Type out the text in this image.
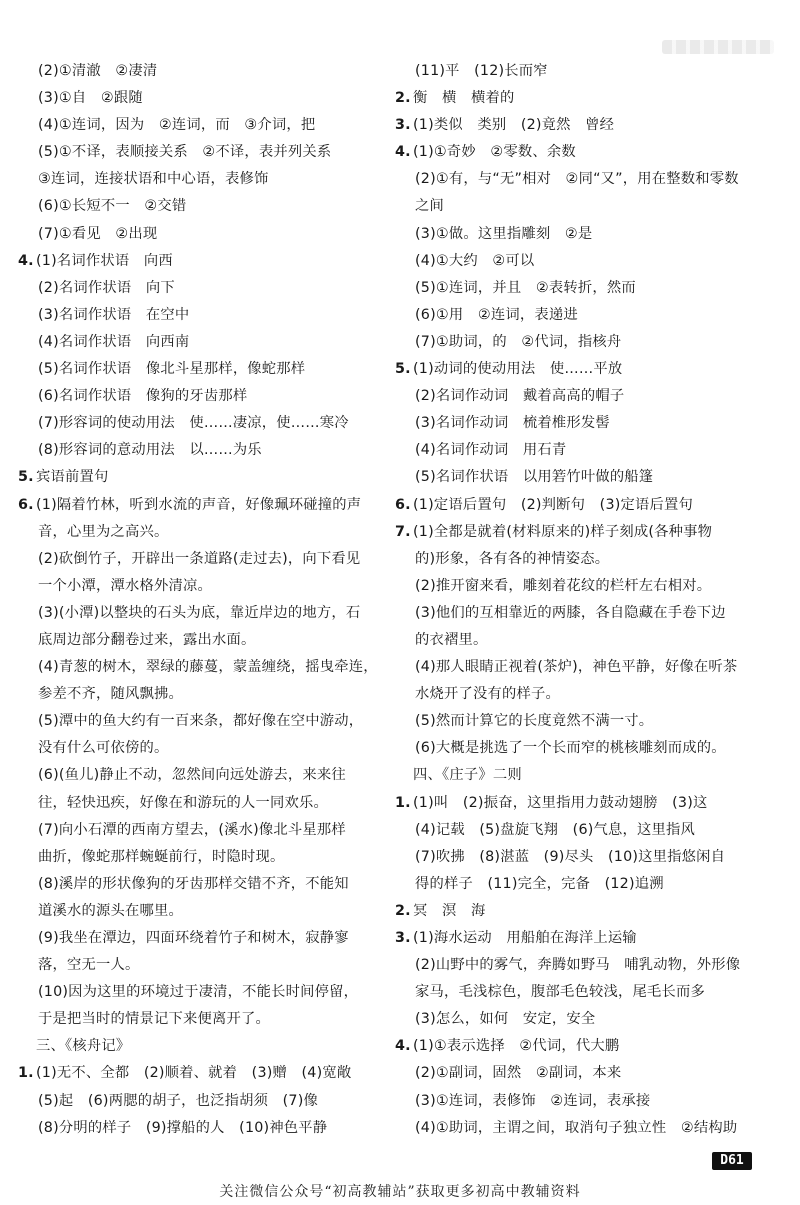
(2)①清澈　②凄清
(3)①自　②跟随
(4)①连词，因为　②连词，而　③介词，把
(5)①不译，表顺接关系　②不译，表并列关系
③连词，连接状语和中心语，表修饰
(6)①长短不一　②交错
(7)①看见　②出现
4. (1)名词作状语　向西
(2)名词作状语　向下
(3)名词作状语　在空中
(4)名词作状语　向西南
(5)名词作状语　像北斗星那样，像蛇那样
(6)名词作状语　像狗的牙齿那样
(7)形容词的使动用法　使……凄凉，使……寒冷
(8)形容词的意动用法　以……为乐
5. 宾语前置句
6. (1)隔着竹林，听到水流的声音，好像珮环碰撞的声
音，心里为之高兴。
(2)砍倒竹子，开辟出一条道路(走过去)，向下看见
一个小潭，潭水格外清凉。
(3)(小潭)以整块的石头为底，靠近岸边的地方，石
底周边部分翻卷过来，露出水面。
(4)青葱的树木，翠绿的藤蔓，蒙盖缠绕，摇曳牵连，
参差不齐，随风飘拂。
(5)潭中的鱼大约有一百来条，都好像在空中游动，
没有什么可依傍的。
(6)(鱼儿)静止不动，忽然间向远处游去，来来往
往，轻快迅疾，好像在和游玩的人一同欢乐。
(7)向小石潭的西南方望去，(溪水)像北斗星那样
曲折，像蛇那样蜿蜒前行，时隐时现。
(8)溪岸的形状像狗的牙齿那样交错不齐，不能知
道溪水的源头在哪里。
(9)我坐在潭边，四面环绕着竹子和树木，寂静寥
落，空无一人。
(10)因为这里的环境过于凄清，不能长时间停留，
于是把当时的情景记下来便离开了。
三、《核舟记》
1. (1)无不、全都　(2)顺着、就着　(3)赠　(4)宽敞
(5)起　(6)两腮的胡子，也泛指胡须　(7)像
(8)分明的样子　(9)撑船的人　(10)神色平静
(11)平　(12)长而窄
2. 衡　横　横着的
3. (1)类似　类别　(2)竟然　曾经
4. (1)①奇妙　②零数、余数
(2)①有，与“无”相对　②同“又”，用在整数和零数
之间
(3)①做。这里指雕刻　②是
(4)①大约　②可以
(5)①连词，并且　②表转折，然而
(6)①用　②连词，表递进
(7)①助词，的　②代词，指核舟
5. (1)动词的使动用法　使……平放
(2)名词作动词　戴着高高的帽子
(3)名词作动词　梳着椎形发髻
(4)名词作动词　用石青
(5)名词作状语　以用箬竹叶做的船篷
6. (1)定语后置句　(2)判断句　(3)定语后置句
7. (1)全都是就着(材料原来的)样子刻成(各种事物
的)形象，各有各的神情姿态。
(2)推开窗来看，雕刻着花纹的栏杆左右相对。
(3)他们的互相靠近的两膝，各自隐藏在手卷下边
的衣褶里。
(4)那人眼睛正视着(茶炉)，神色平静，好像在听茶
水烧开了没有的样子。
(5)然而计算它的长度竟然不满一寸。
(6)大概是挑选了一个长而窄的桃核雕刻而成的。
四、《庄子》二则
1. (1)叫　(2)振奋，这里指用力鼓动翅膀　(3)这
(4)记载　(5)盘旋飞翔　(6)气息，这里指风
(7)吹拂　(8)湛蓝　(9)尽头　(10)这里指悠闲自
得的样子　(11)完全，完备　(12)追溯
2. 冥　溟　海
3. (1)海水运动　用船舶在海洋上运输
(2)山野中的雾气，奔腾如野马　哺乳动物，外形像
家马，毛浅棕色，腹部毛色较浅，尾毛长而多
(3)怎么，如何　安定，安全
4. (1)①表示选择　②代词，代大鹏
(2)①副词，固然　②副词，本来
(3)①连词，表修饰　②连词，表承接
(4)①助词，主谓之间，取消句子独立性　②结构助
D61
关注微信公众号“初高教辅站”获取更多初高中教辅资料
